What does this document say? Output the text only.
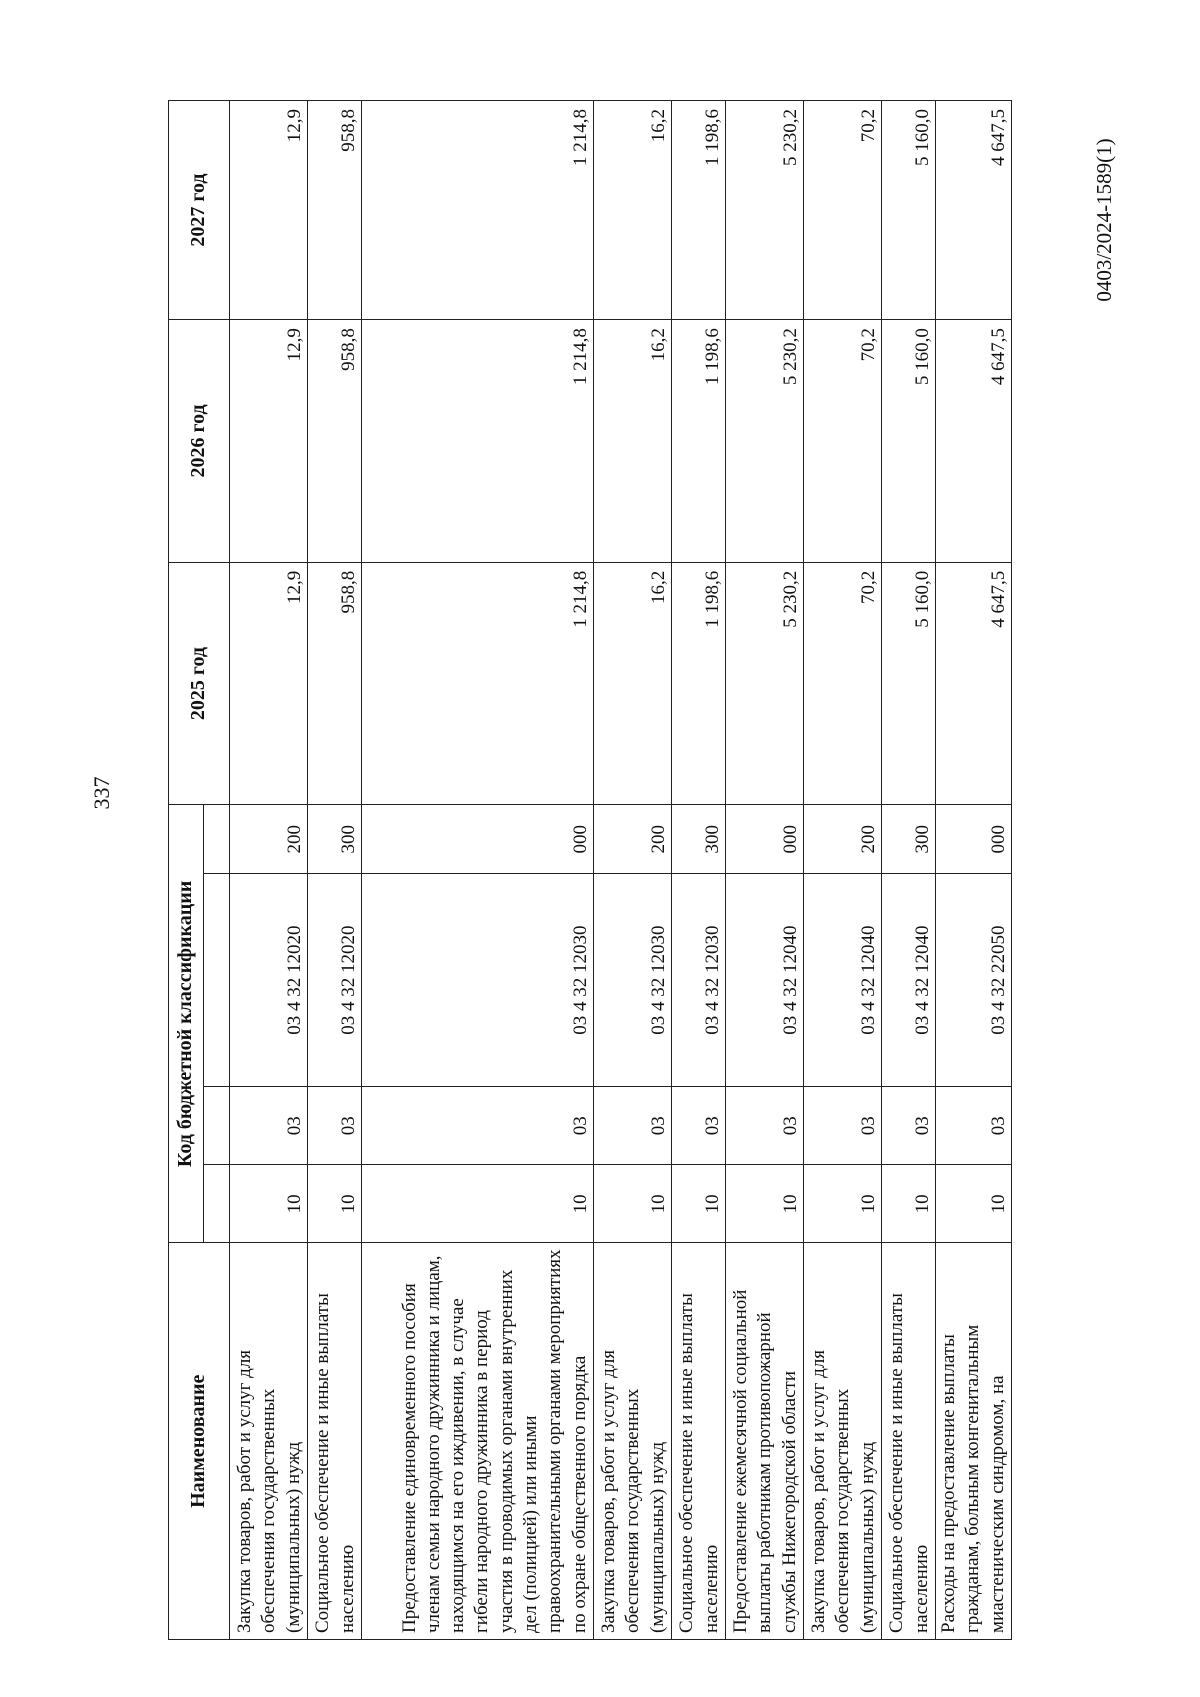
337
Наименование	Код бюджетной классификации				2025 год	2026 год	2027 год

Закупка товаров, работ и услуг для обеспечения государственных (муниципальных) нужд	10	03	03 4 32 12020	200	12,9	12,9	12,9
Социальное обеспечение и иные выплаты населению	10	03	03 4 32 12020	300	958,8	958,8	958,8
Предоставление единовременного пособия членам семьи народного дружинника и лицам, находящимся на его иждивении, в случае гибели народного дружинника в период участия в проводимых органами внутренних дел (полицией) или иными правоохранительными органами мероприятиях по охране общественного порядка	10	03	03 4 32 12030	000	1 214,8	1 214,8	1 214,8
Закупка товаров, работ и услуг для обеспечения государственных (муниципальных) нужд	10	03	03 4 32 12030	200	16,2	16,2	16,2
Социальное обеспечение и иные выплаты населению	10	03	03 4 32 12030	300	1 198,6	1 198,6	1 198,6
Предоставление ежемесячной социальной выплаты работникам противопожарной службы Нижегородской области	10	03	03 4 32 12040	000	5 230,2	5 230,2	5 230,2
Закупка товаров, работ и услуг для обеспечения государственных (муниципальных) нужд	10	03	03 4 32 12040	200	70,2	70,2	70,2
Социальное обеспечение и иные выплаты населению	10	03	03 4 32 12040	300	5 160,0	5 160,0	5 160,0
Расходы на предоставление выплаты гражданам, больным конгенитальным миастеническим синдромом, на	10	03	03 4 32 22050	000	4 647,5	4 647,5	4 647,5
0403/2024-1589(1)
